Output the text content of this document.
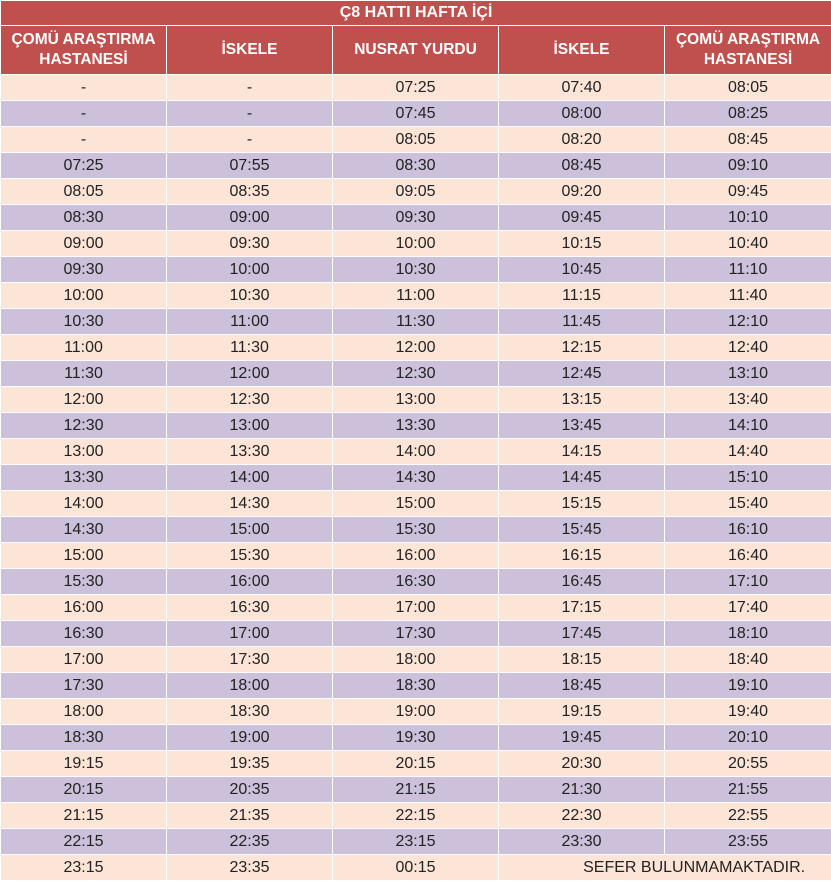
Ç8 HATTI HAFTA İÇİ				
ÇOMÜ ARAŞTIRMA HASTANESİ	İSKELE	NUSRAT YURDU	İSKELE	ÇOMÜ ARAŞTIRMA HASTANESİ
-	-	07:25	07:40	08:05
-	-	07:45	08:00	08:25
-	-	08:05	08:20	08:45
07:25	07:55	08:30	08:45	09:10
08:05	08:35	09:05	09:20	09:45
08:30	09:00	09:30	09:45	10:10
09:00	09:30	10:00	10:15	10:40
09:30	10:00	10:30	10:45	11:10
10:00	10:30	11:00	11:15	11:40
10:30	11:00	11:30	11:45	12:10
11:00	11:30	12:00	12:15	12:40
11:30	12:00	12:30	12:45	13:10
12:00	12:30	13:00	13:15	13:40
12:30	13:00	13:30	13:45	14:10
13:00	13:30	14:00	14:15	14:40
13:30	14:00	14:30	14:45	15:10
14:00	14:30	15:00	15:15	15:40
14:30	15:00	15:30	15:45	16:10
15:00	15:30	16:00	16:15	16:40
15:30	16:00	16:30	16:45	17:10
16:00	16:30	17:00	17:15	17:40
16:30	17:00	17:30	17:45	18:10
17:00	17:30	18:00	18:15	18:40
17:30	18:00	18:30	18:45	19:10
18:00	18:30	19:00	19:15	19:40
18:30	19:00	19:30	19:45	20:10
19:15	19:35	20:15	20:30	20:55
20:15	20:35	21:15	21:30	21:55
21:15	21:35	22:15	22:30	22:55
22:15	22:35	23:15	23:30	23:55
23:15	23:35	00:15	SEFER BULUNMAMAKTADIR.	
